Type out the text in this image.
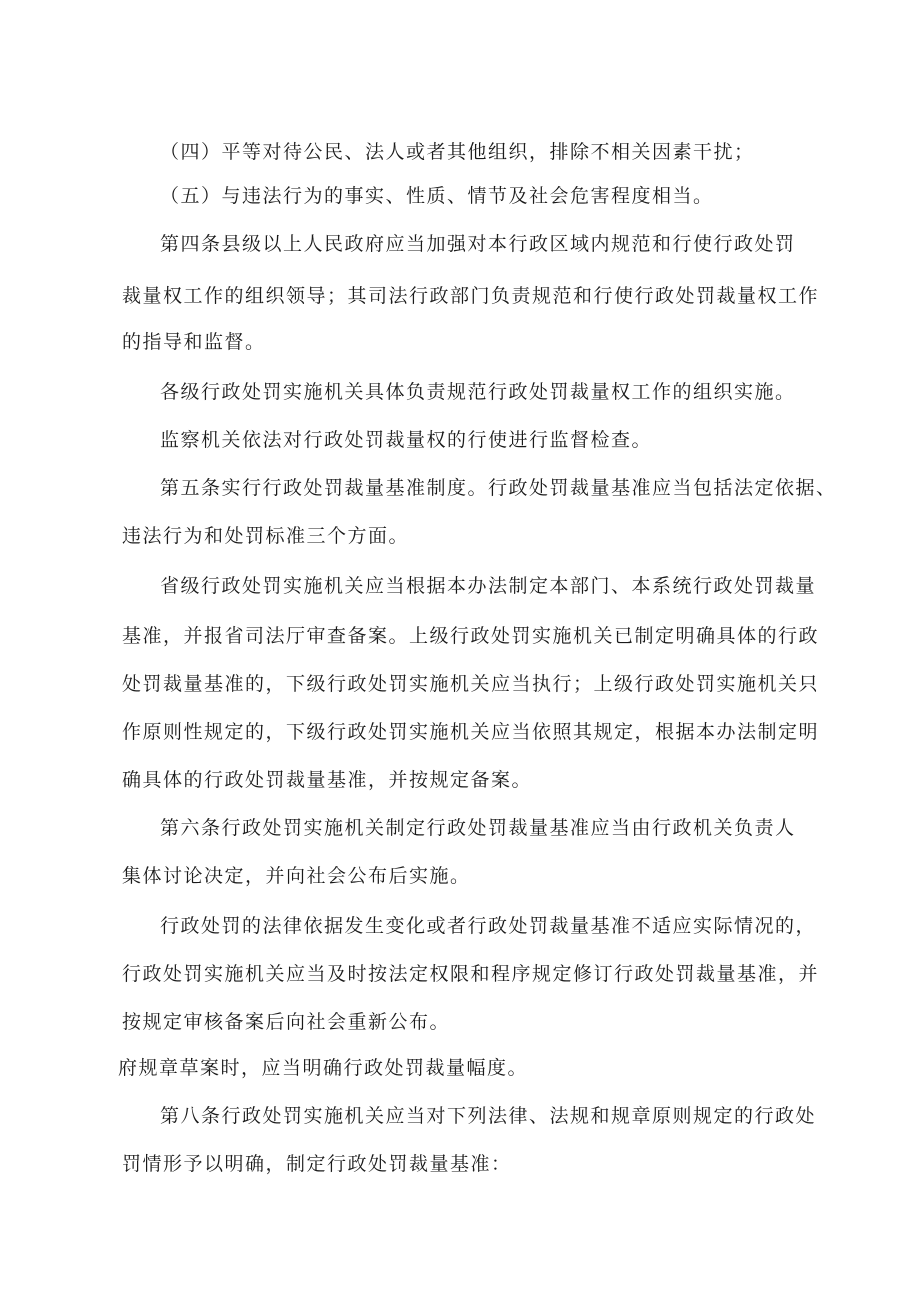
（四）平等对待公民、法人或者其他组织，排除不相关因素干扰；
（五）与违法行为的事实、性质、情节及社会危害程度相当。
第四条县级以上人民政府应当加强对本行政区域内规范和行使行政处罚
裁量权工作的组织领导；其司法行政部门负责规范和行使行政处罚裁量权工作
的指导和监督。
各级行政处罚实施机关具体负责规范行政处罚裁量权工作的组织实施。
监察机关依法对行政处罚裁量权的行使进行监督检查。
第五条实行行政处罚裁量基准制度。行政处罚裁量基准应当包括法定依据、
违法行为和处罚标准三个方面。
省级行政处罚实施机关应当根据本办法制定本部门、本系统行政处罚裁量
基准，并报省司法厅审查备案。上级行政处罚实施机关已制定明确具体的行政
处罚裁量基准的，下级行政处罚实施机关应当执行；上级行政处罚实施机关只
作原则性规定的，下级行政处罚实施机关应当依照其规定，根据本办法制定明
确具体的行政处罚裁量基准，并按规定备案。
第六条行政处罚实施机关制定行政处罚裁量基准应当由行政机关负责人
集体讨论决定，并向社会公布后实施。
行政处罚的法律依据发生变化或者行政处罚裁量基准不适应实际情况的，
行政处罚实施机关应当及时按法定权限和程序规定修订行政处罚裁量基准，并
按规定审核备案后向社会重新公布。
府规章草案时，应当明确行政处罚裁量幅度。
第八条行政处罚实施机关应当对下列法律、法规和规章原则规定的行政处
罚情形予以明确，制定行政处罚裁量基准：
